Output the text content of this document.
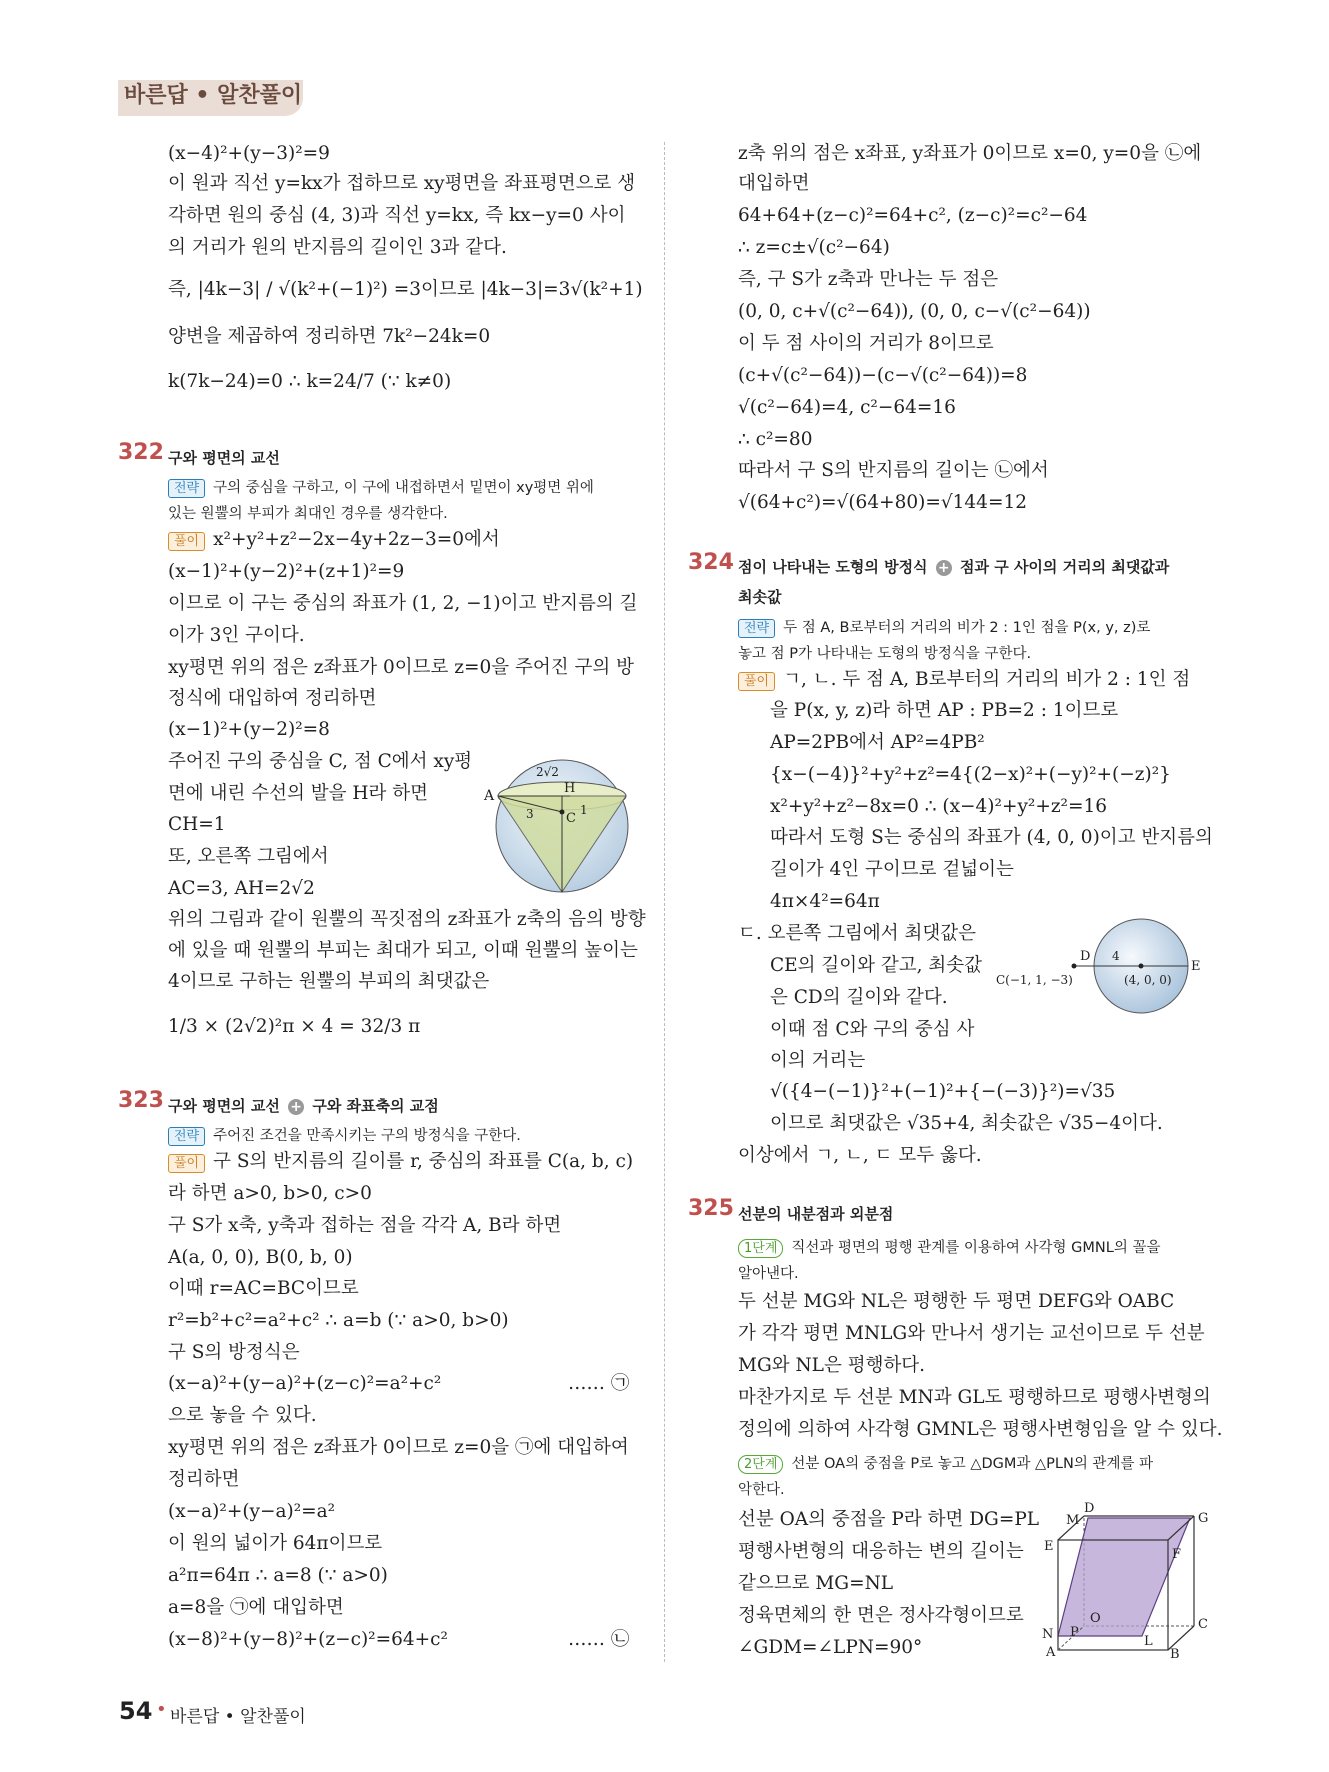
바른답 • 알찬풀이
(x−4)²+(y−3)²=9
이 원과 직선 y=kx가 접하므로 xy평면을 좌표평면으로 생
각하면 원의 중심 (4, 3)과 직선 y=kx, 즉 kx−y=0 사이
의 거리가 원의 반지름의 길이인 3과 같다.
즉, |4k−3| / √(k²+(−1)²) =3이므로 |4k−3|=3√(k²+1)
양변을 제곱하여 정리하면 7k²−24k=0
k(7k−24)=0 ∴ k=24/7 (∵ k≠0)
322 구와 평면의 교선
전략 구의 중심을 구하고, 이 구에 내접하면서 밑면이 xy평면 위에
있는 원뿔의 부피가 최대인 경우를 생각한다.
풀이 x²+y²+z²−2x−4y+2z−3=0에서
(x−1)²+(y−2)²+(z+1)²=9
이므로 이 구는 중심의 좌표가 (1, 2, −1)이고 반지름의 길
이가 3인 구이다.
xy평면 위의 점은 z좌표가 0이므로 z=0을 주어진 구의 방
정식에 대입하여 정리하면
(x−1)²+(y−2)²=8
주어진 구의 중심을 C, 점 C에서 xy평
면에 내린 수선의 발을 H라 하면
CH=1
또, 오른쪽 그림에서
AC=3, AH=2√2
위의 그림과 같이 원뿔의 꼭짓점의 z좌표가 z축의 음의 방향
에 있을 때 원뿔의 부피는 최대가 되고, 이때 원뿔의 높이는
4이므로 구하는 원뿔의 부피의 최댓값은
1/3 × (2√2)²π × 4 = 32/3 π
A	H
2√2
3 C
1
323 구와 평면의 교선 + 구와 좌표축의 교점
전략 주어진 조건을 만족시키는 구의 방정식을 구한다.
풀이 구 S의 반지름의 길이를 r, 중심의 좌표를 C(a, b, c)
라 하면 a>0, b>0, c>0
구 S가 x축, y축과 접하는 점을 각각 A, B라 하면
A(a, 0, 0), B(0, b, 0)
이때 r=AC=BC이므로
r²=b²+c²=a²+c² ∴ a=b (∵ a>0, b>0)
구 S의 방정식은
(x−a)²+(y−a)²+(z−c)²=a²+c²	…… ㉠
으로 놓을 수 있다.
xy평면 위의 점은 z좌표가 0이므로 z=0을 ㉠에 대입하여
정리하면
(x−a)²+(y−a)²=a²
이 원의 넓이가 64π이므로
a²π=64π ∴ a=8 (∵ a>0)
a=8을 ㉠에 대입하면
(x−8)²+(y−8)²+(z−c)²=64+c²	…… ㉡
z축 위의 점은 x좌표, y좌표가 0이므로 x=0, y=0을 ㉡에
대입하면
64+64+(z−c)²=64+c², (z−c)²=c²−64
∴ z=c±√(c²−64)
즉, 구 S가 z축과 만나는 두 점은
(0, 0, c+√(c²−64)), (0, 0, c−√(c²−64))
이 두 점 사이의 거리가 8이므로
(c+√(c²−64))−(c−√(c²−64))=8
√(c²−64)=4, c²−64=16
∴ c²=80
따라서 구 S의 반지름의 길이는 ㉡에서
√(64+c²)=√(64+80)=√144=12
324 점이 나타내는 도형의 방정식 + 점과 구 사이의 거리의 최댓값과
최솟값
전략 두 점 A, B로부터의 거리의 비가 2 : 1인 점을 P(x, y, z)로
놓고 점 P가 나타내는 도형의 방정식을 구한다.
풀이 ㄱ, ㄴ. 두 점 A, B로부터의 거리의 비가 2 : 1인 점
을 P(x, y, z)라 하면 AP : PB=2 : 1이므로
AP=2PB에서 AP²=4PB²
{x−(−4)}²+y²+z²=4{(2−x)²+(−y)²+(−z)²}
x²+y²+z²−8x=0 ∴ (x−4)²+y²+z²=16
따라서 도형 S는 중심의 좌표가 (4, 0, 0)이고 반지름의
길이가 4인 구이므로 겉넓이는
4π×4²=64π
ㄷ. 오른쪽 그림에서 최댓값은
CE의 길이와 같고, 최솟값
은 CD의 길이와 같다.
이때 점 C와 구의 중심 사
이의 거리는
√({4−(−1)}²+(−1)²+{−(−3)}²)=√35
이므로 최댓값은 √35+4, 최솟값은 √35−4이다.
이상에서 ㄱ, ㄴ, ㄷ 모두 옳다.
C(−1, 1, −3)
D 4
(4, 0, 0)
E
325 선분의 내분점과 외분점
1단계 직선과 평면의 평행 관계를 이용하여 사각형 GMNL의 꼴을
알아낸다.
두 선분 MG와 NL은 평행한 두 평면 DEFG와 OABC
가 각각 평면 MNLG와 만나서 생기는 교선이므로 두 선분
MG와 NL은 평행하다.
마찬가지로 두 선분 MN과 GL도 평행하므로 평행사변형의
정의에 의하여 사각형 GMNL은 평행사변형임을 알 수 있다.
2단계 선분 OA의 중점을 P로 놓고 △DGM과 △PLN의 관계를 파
악한다.
선분 OA의 중점을 P라 하면 DG=PL
평행사변형의 대응하는 변의 길이는
같으므로 MG=NL
정육면체의 한 면은 정사각형이므로
∠GDM=∠LPN=90°
D
M	G
E
F
O	C
N P
L
A	B
54 • 바른답 • 알찬풀이
